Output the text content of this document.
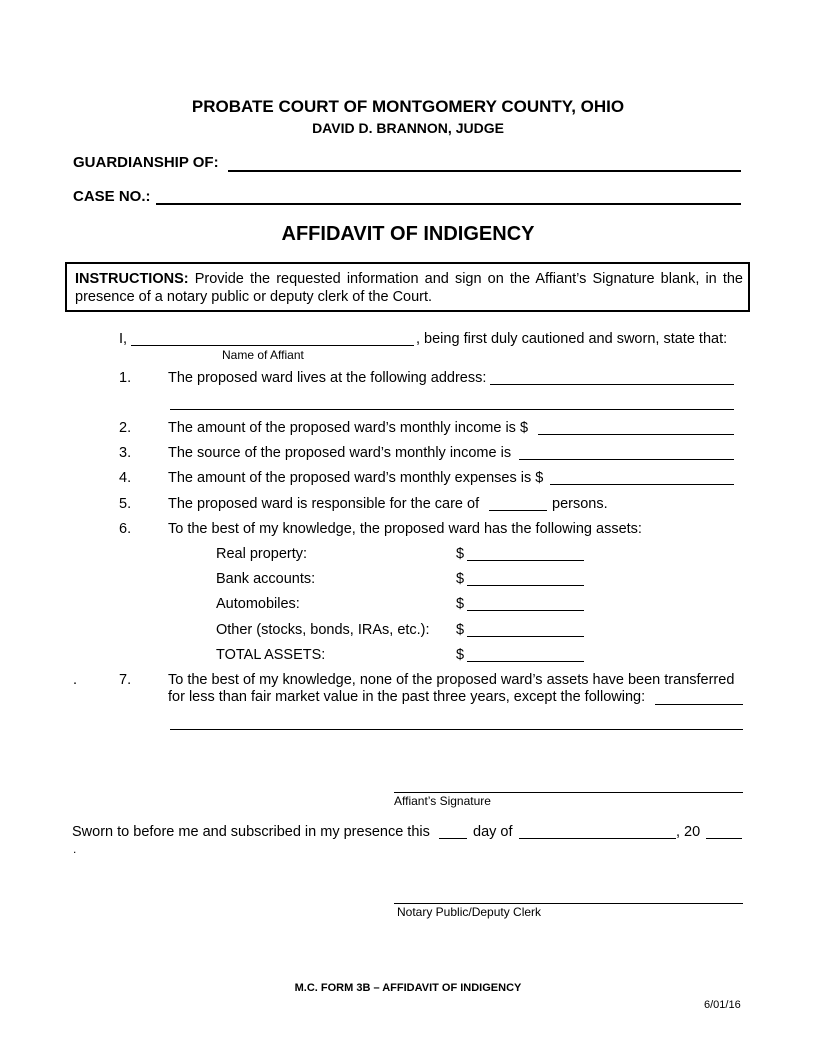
PROBATE COURT OF MONTGOMERY COUNTY, OHIO
DAVID D. BRANNON, JUDGE
GUARDIANSHIP OF:
CASE NO.:
AFFIDAVIT OF INDIGENCY
INSTRUCTIONS: Provide the requested information and sign on the Affiant’s Signature blank, in the presence of a notary public or deputy clerk of the Court.
I,	, being first duly cautioned and sworn, state that:
Name of Affiant
1.	The proposed ward lives at the following address:
2.	The amount of the proposed ward’s monthly income is $
3.	The source of the proposed ward’s monthly income is
4.	The amount of the proposed ward’s monthly expenses is $
5.	The proposed ward is responsible for the care of	persons.
6.	To the best of my knowledge, the proposed ward has the following assets:
Real property:	$
Bank accounts:	$
Automobiles:	$
Other (stocks, bonds, IRAs, etc.): $
TOTAL ASSETS:	$
.	7.	To the best of my knowledge, none of the proposed ward’s assets have been transferred
for less than fair market value in the past three years, except the following:
Affiant’s Signature
Sworn to before me and subscribed in my presence this	day of	, 20
.
Notary Public/Deputy Clerk
M.C. FORM 3B – AFFIDAVIT OF INDIGENCY
6/01/16
